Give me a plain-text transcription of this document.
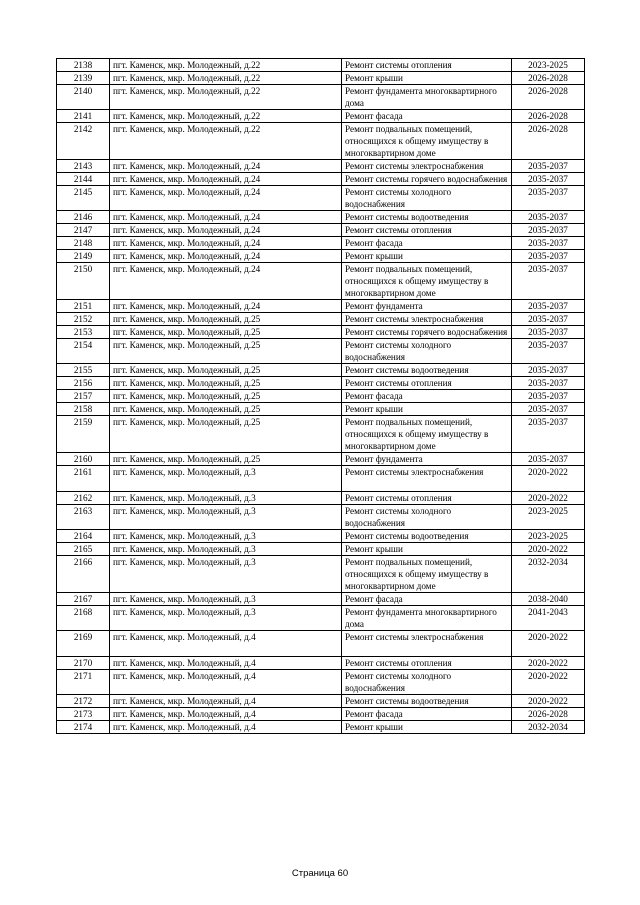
2138	пгт. Каменск, мкр. Молодежный, д.22	Ремонт системы отопления	2023-2025
2139	пгт. Каменск, мкр. Молодежный, д.22	Ремонт крыши	2026-2028
2140	пгт. Каменск, мкр. Молодежный, д.22	Ремонт фундамента многоквартирного дома	2026-2028
2141	пгт. Каменск, мкр. Молодежный, д.22	Ремонт фасада	2026-2028
2142	пгт. Каменск, мкр. Молодежный, д.22	Ремонт подвальных помещений, относящихся к общему имуществу в многоквартирном доме	2026-2028
2143	пгт. Каменск, мкр. Молодежный, д.24	Ремонт системы электроснабжения	2035-2037
2144	пгт. Каменск, мкр. Молодежный, д.24	Ремонт системы горячего водоснабжения	2035-2037
2145	пгт. Каменск, мкр. Молодежный, д.24	Ремонт системы холодного водоснабжения	2035-2037
2146	пгт. Каменск, мкр. Молодежный, д.24	Ремонт системы водоотведения	2035-2037
2147	пгт. Каменск, мкр. Молодежный, д.24	Ремонт системы отопления	2035-2037
2148	пгт. Каменск, мкр. Молодежный, д.24	Ремонт фасада	2035-2037
2149	пгт. Каменск, мкр. Молодежный, д.24	Ремонт крыши	2035-2037
2150	пгт. Каменск, мкр. Молодежный, д.24	Ремонт подвальных помещений, относящихся к общему имуществу в многоквартирном доме	2035-2037
2151	пгт. Каменск, мкр. Молодежный, д.24	Ремонт фундамента	2035-2037
2152	пгт. Каменск, мкр. Молодежный, д.25	Ремонт системы электроснабжения	2035-2037
2153	пгт. Каменск, мкр. Молодежный, д.25	Ремонт системы горячего водоснабжения	2035-2037
2154	пгт. Каменск, мкр. Молодежный, д.25	Ремонт системы холодного водоснабжения	2035-2037
2155	пгт. Каменск, мкр. Молодежный, д.25	Ремонт системы водоотведения	2035-2037
2156	пгт. Каменск, мкр. Молодежный, д.25	Ремонт системы отопления	2035-2037
2157	пгт. Каменск, мкр. Молодежный, д.25	Ремонт фасада	2035-2037
2158	пгт. Каменск, мкр. Молодежный, д.25	Ремонт крыши	2035-2037
2159	пгт. Каменск, мкр. Молодежный, д.25	Ремонт подвальных помещений, относящихся к общему имуществу в многоквартирном доме	2035-2037
2160	пгт. Каменск, мкр. Молодежный, д.25	Ремонт фундамента	2035-2037
2161	пгт. Каменск, мкр. Молодежный, д.3	Ремонт системы электроснабжения	2020-2022
2162	пгт. Каменск, мкр. Молодежный, д.3	Ремонт системы отопления	2020-2022
2163	пгт. Каменск, мкр. Молодежный, д.3	Ремонт системы холодного водоснабжения	2023-2025
2164	пгт. Каменск, мкр. Молодежный, д.3	Ремонт системы водоотведения	2023-2025
2165	пгт. Каменск, мкр. Молодежный, д.3	Ремонт крыши	2020-2022
2166	пгт. Каменск, мкр. Молодежный, д.3	Ремонт подвальных помещений, относящихся к общему имуществу в многоквартирном доме	2032-2034
2167	пгт. Каменск, мкр. Молодежный, д.3	Ремонт фасада	2038-2040
2168	пгт. Каменск, мкр. Молодежный, д.3	Ремонт фундамента многоквартирного дома	2041-2043
2169	пгт. Каменск, мкр. Молодежный, д.4	Ремонт системы электроснабжения	2020-2022
2170	пгт. Каменск, мкр. Молодежный, д.4	Ремонт системы отопления	2020-2022
2171	пгт. Каменск, мкр. Молодежный, д.4	Ремонт системы холодного водоснабжения	2020-2022
2172	пгт. Каменск, мкр. Молодежный, д.4	Ремонт системы водоотведения	2020-2022
2173	пгт. Каменск, мкр. Молодежный, д.4	Ремонт фасада	2026-2028
2174	пгт. Каменск, мкр. Молодежный, д.4	Ремонт крыши	2032-2034
Страница 60
